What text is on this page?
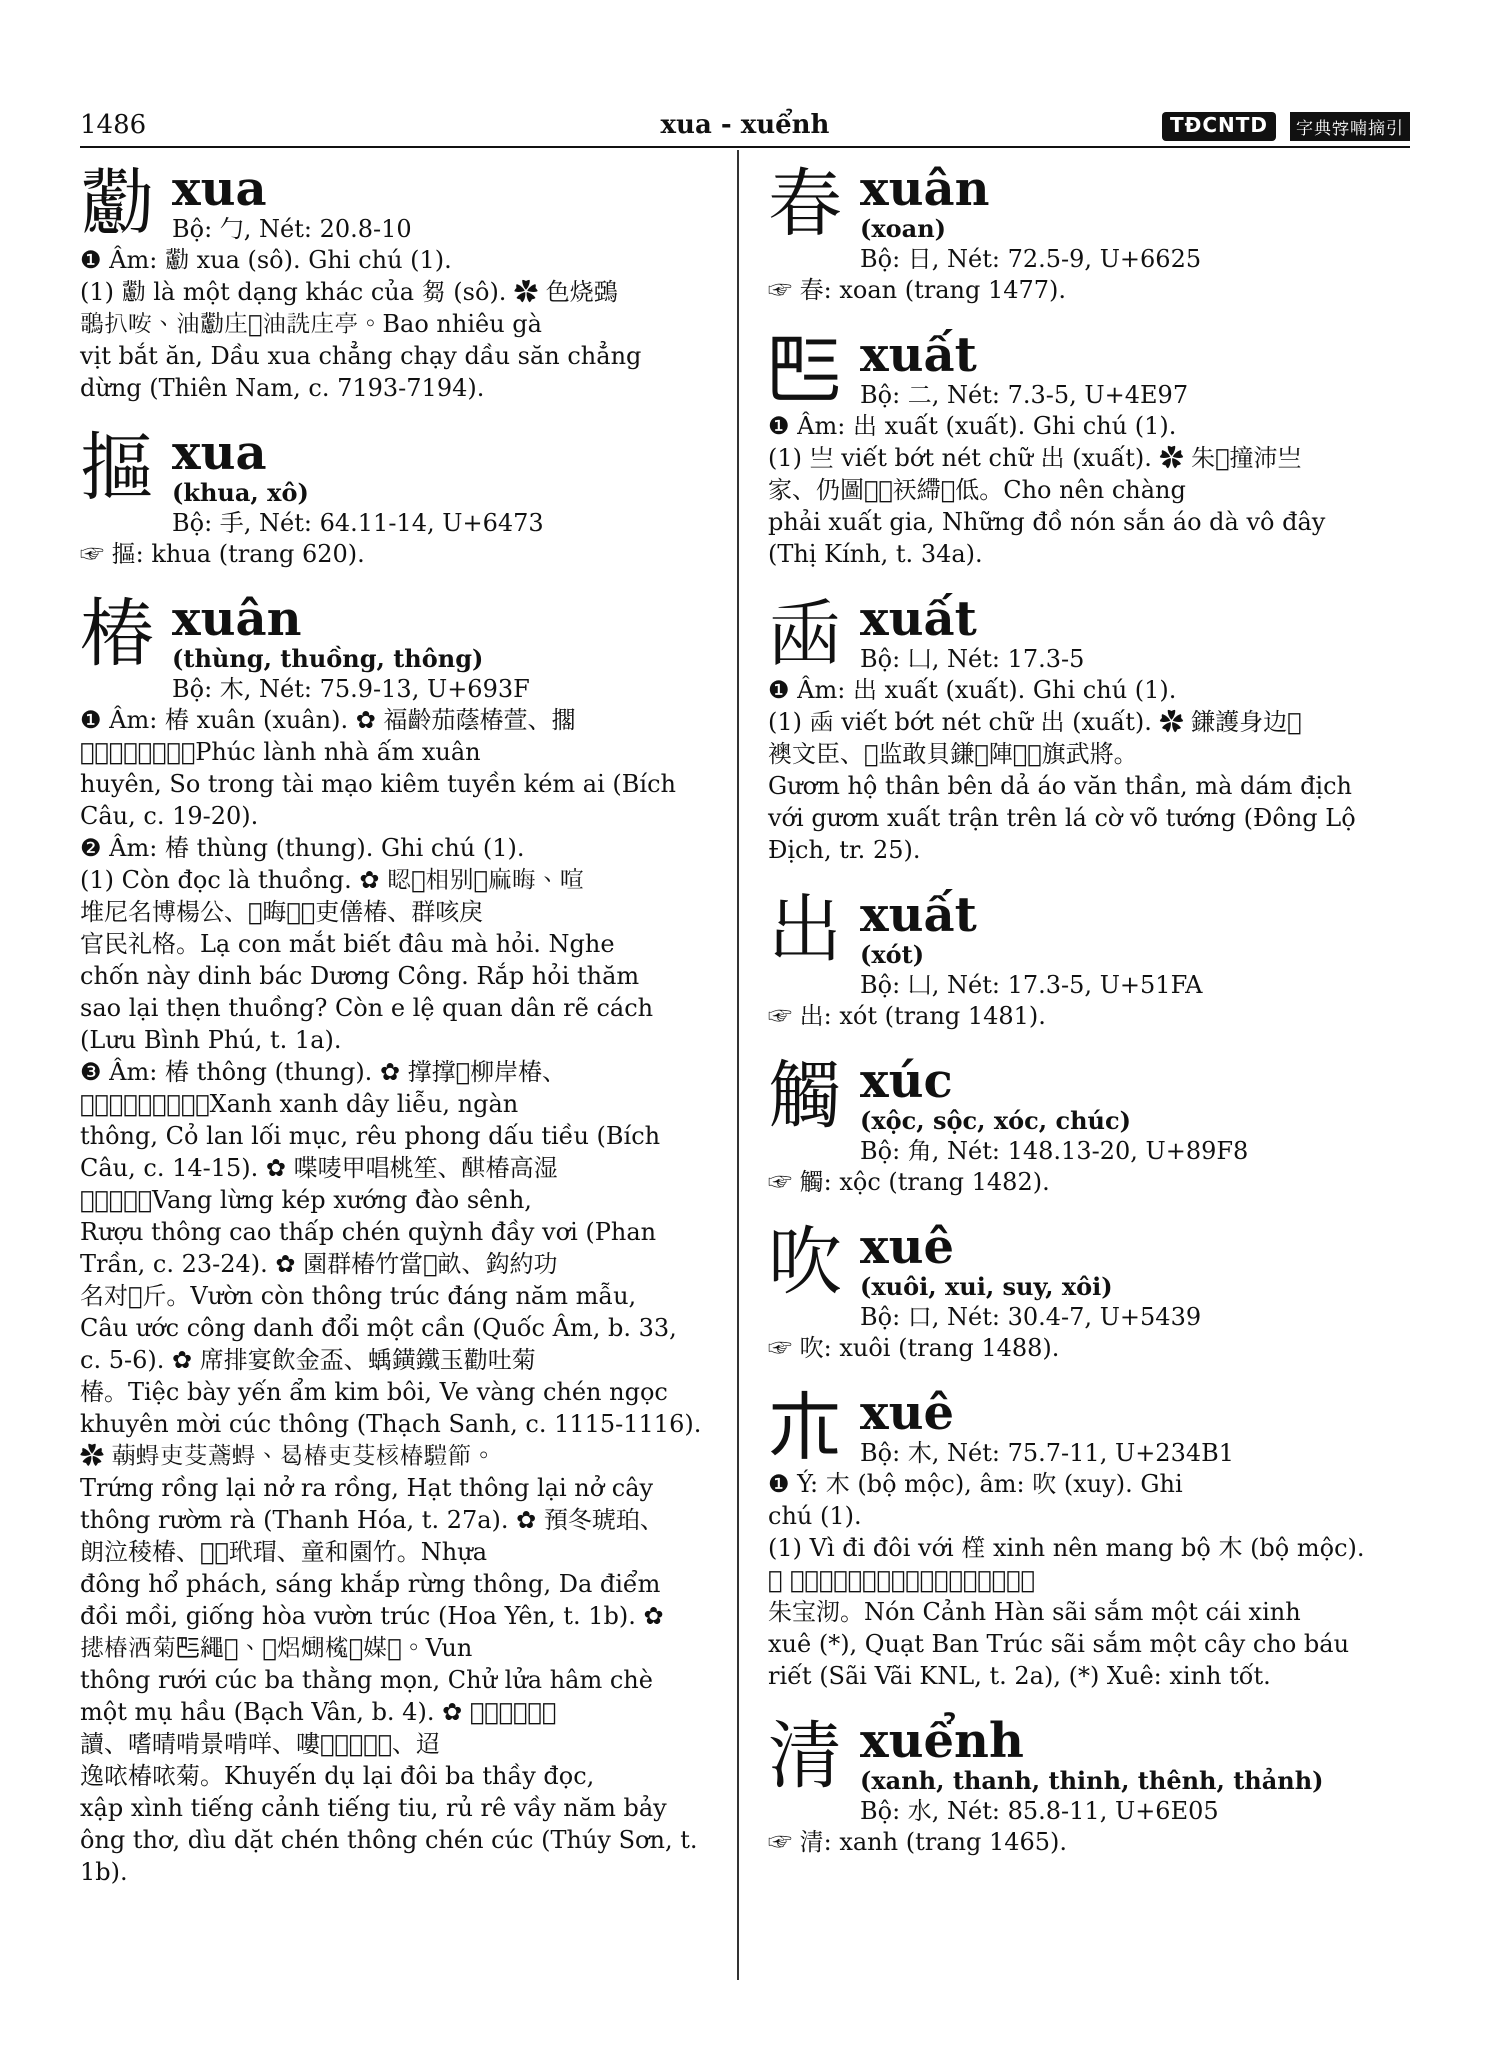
1486	xua - xuểnh	TĐCNTD	字典𡨸喃摘引
𠣊 xua
Bộ: 勹, Nét: 20.8-10
❶ Âm: 𠣊 xua (sô). Ghi chú (1).
(1) 𠣊 là một dạng khác của 芻 (sô). ✿ 色烧鵶
𪃿扒咹、油𠣊庄𢧚油詵庄亭。Bao nhiêu gà
vịt bắt ăn, Dầu xua chẳng chạy dầu săn chẳng
dừng (Thiên Nam, c. 7193-7194).
摳 xua
(khua, xô)
Bộ: 手, Nét: 64.11-14, U+6473
☞ 摳: khua (trang 620).
椿 xuân
(thùng, thuồng, thông)
Bộ: 木, Nét: 75.9-13, U+693F
❶ Âm: 椿 xuân (xuân). ✿ 福齡茄蔭椿萱、擱
𣨰才貌兼全劍埃。Phúc lành nhà ấm xuân
huyên, So trong tài mạo kiêm tuyền kém ai (Bích
Câu, c. 19-20).
❷ Âm: 椿 thùng (thung). Ghi chú (1).
(1) Còn đọc là thuồng. ✿ 𥆾𤳆相别𦓡麻晦、喧
堆尼名博楊公、𠶢晦𥋳𤾓吏僐椿、群咳戾
官民礼格。Lạ con mắt biết đâu mà hỏi. Nghe
chốn này dinh bác Dương Công. Rắp hỏi thăm
sao lại thẹn thuồng? Còn e lệ quan dân rẽ cách
(Lưu Bình Phú, t. 1a).
❸ Âm: 椿 thông (thung). ✿ 撑撑𣘃柳岸椿、
𦹵蘭坡牧蕘封蹈樵。Xanh xanh dây liễu, ngàn
thông, Cỏ lan lối mục, rêu phong dấu tiều (Bích
Câu, c. 14-15). ✿ 喋唛甲唱桃笙、𨡨椿高湿
𢧚瓊涬𣼽。Vang lừng kép xướng đào sênh,
Rượu thông cao thấp chén quỳnh đầy vơi (Phan
Trần, c. 23-24). ✿ 園群椿竹當𦝄畝、鈎約功
名对𠆳斤。Vườn còn thông trúc đáng năm mẫu,
Câu ước công danh đổi một cần (Quốc Âm, b. 33,
c. 5-6). ✿ 席排宴飲金盃、蝺鐄鐵玉勸吐菊
椿。Tiệc bày yến ẩm kim bôi, Ve vàng chén ngọc
khuyên mời cúc thông (Thạch Sanh, c. 1115-1116).
✿ 𦺓𧍋吏芟𦿂𧍋、曷椿吏芟核椿𩥉節。
Trứng rồng lại nở ra rồng, Hạt thông lại nở cây
thông rườm rà (Thanh Hóa, t. 27a). ✿ 預冬琥珀、
朗泣稜椿、𦛌𪖭玳瑁、童和園竹。Nhựa
đông hổ phách, sáng khắp rừng thông, Da điểm
đồi mồi, giống hòa vườn trúc (Hoa Yên, t. 1b). ✿
𢴾椿洒菊𠀧繩𢬣、𤊪焒𤎜𣘽𠆳媒𠊚。Vun
thông rưới cúc ba thằng mọn, Chử lửa hâm chè
một mụ hầu (Bạch Vân, b. 4). ✿ 𫽄𠼦吏堆𠀧柴
讀、嗜晴啃景啃咩、嘍𠺥𡖵𦋦𠊛𥾽、迢
逸𠲖椿𠲖菊。Khuyến dụ lại đôi ba thầy đọc,
xập xình tiếng cảnh tiếng tiu, rủ rê vầy năm bảy
ông thơ, dìu dặt chén thông chén cúc (Thúy Sơn, t.
1b).
春 xuân
(xoan)
Bộ: 日, Nét: 72.5-9, U+6625
☞ 春: xoan (trang 1477).
𠀧 xuất
Bộ: 二, Nét: 7.3-5, U+4E97
❶ Âm: 出 xuất (xuất). Ghi chú (1).
(1) 亗 viết bớt nét chữ 出 (xuất). ✿ 朱𦓡撞沛亗
家、仍圖𥐆𧞾祆𦄂𢂎低。Cho nên chàng
phải xuất gia, Những đồ nón sắn áo dà vô đây
(Thị Kính, t. 34a).
𠚏 xuất
Bộ: 凵, Nét: 17.3-5
❶ Âm: 出 xuất (xuất). Ghi chú (1).
(1) 𠚏 viết bớt nét chữ 出 (xuất). ✿ 鎌護身边𢬭
襖文臣、𦓡监敢貝鎌𠚏陣𨕭𦲿旗武將。
Gươm hộ thân bên dả áo văn thần, mà dám địch
với gươm xuất trận trên lá cờ võ tướng (Đông Lộ
Địch, tr. 25).
出 xuất
(xót)
Bộ: 凵, Nét: 17.3-5, U+51FA
☞ 出: xót (trang 1481).
觸 xúc
(xộc, sộc, xóc, chúc)
Bộ: 角, Nét: 148.13-20, U+89F8
☞ 觸: xộc (trang 1482).
吹 xuê
(xuôi, xui, suy, xôi)
Bộ: 口, Nét: 30.4-7, U+5439
☞ 吹: xuôi (trang 1488).
𣎳 xuê
Bộ: 木, Nét: 75.7-11, U+234B1
❶ Ý: 木 (bộ mộc), âm: 吹 (xuy). Ghi
chú (1).
(1) Vì đi đôi với 樦 xinh nên mang bộ 木 (bộ mộc).
✿ 𥬧景寒仕𢄂𠆳丐樦𣎳、櫼班竹仕𢄂𠆳核
朱宝沏。Nón Cảnh Hàn sãi sắm một cái xinh
xuê (*), Quạt Ban Trúc sãi sắm một cây cho báu
riết (Sãi Vãi KNL, t. 2a), (*) Xuê: xinh tốt.
清 xuểnh
(xanh, thanh, thinh, thênh, thảnh)
Bộ: 水, Nét: 85.8-11, U+6E05
☞ 清: xanh (trang 1465).
